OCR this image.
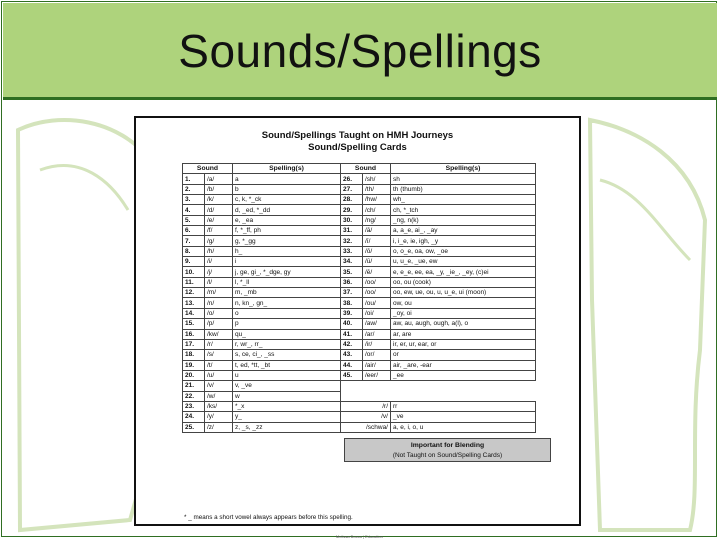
Sounds/Spellings
Sound/Spellings Taught on HMH Journeys
Sound/Spelling Cards
Sound		Spelling(s)	Sound		Spelling(s)
1.	/a/	a	26.	/sh/	sh
2.	/b/	b	27.	/th/	th (thumb)
3.	/k/	c, k, *_ck	28.	/hw/	wh_
4.	/d/	d, _ed, *_dd	29.	/ch/	ch, *_tch
5.	/e/	e, _ea	30.	/ng/	_ng, n(k)
6.	/f/	f, *_ff, ph	31.	/ā/	a, a_e, ai_, _ay
7.	/g/	g, *_gg	32.	/ī/	i, i_e, ie, igh, _y
8.	/h/	h_	33.	/ō/	o, o_e, oa, ow, _oe
9.	/i/	i	34.	/ū/	u, u_e, _ue, ew
10.	/j/	j, ge, gi_, *_dge, gy	35.	/ē/	e, e_e, ee, ea, _y, _ie_, _ey, (c)ei
11.	/l/	l, *_ll	36.	/oo/	oo, ou (cook)
12.	/m/	m, _mb	37.	/oo/	oo, ew, ue, ou, u, u_e, ui (moon)
13.	/n/	n, kn_, gn_	38.	/ou/	ow, ou
14.	/o/	o	39.	/oi/	_oy, oi
15.	/p/	p	40.	/aw/	aw, au, augh, ough, a(l), o
16.	/kw/	qu_	41.	/ar/	ar, are
17.	/r/	r, wr_, rr_	42.	/ir/	ir, er, ur, ear, or
18.	/s/	s, ce, ci_, _ss	43.	/or/	or
19.	/t/	t, ed, *tt, _bt	44.	/air/	air, _are, -ear
20.	/u/	u	45.	/eer/	_ee
21.	/v/	v, _ve			
22.	/w/	w			
23.	/ks/	*_x		/r/	rr
24.	/y/	y_		/v/	_ve
25.	/z/	z, _s, _zz		/schwa/	a, e, i, o, u
Important for Blending
(Not Taught on Sound/Spelling Cards)
* _ means a short vowel always appears before this spelling.
Melissa Bocca | Education
